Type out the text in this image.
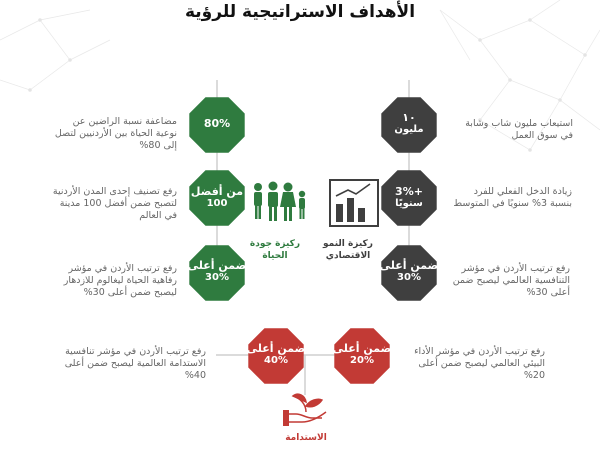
الأهداف الاستراتيجية للرؤية
١٠
مليون
+3%
سنويًا
ضمن أعلى
30%
80%
من أفضل
100
ضمن أعلى
30%
ضمن أعلى
20%
ضمن أعلى
40%
استيعاب مليون شاب وشابة في سوق العمل
زيادة الدخل الفعلي للفرد بنسبة 3% سنويًا في المتوسط
رفع ترتيب الأردن في مؤشر التنافسية العالمي ليصبح ضمن أعلى 30%
مضاعفة نسبة الراضين عن نوعية الحياة بين الأردنيين لتصل إلى 80%
رفع تصنيف إحدى المدن الأردنية لتصبح ضمن أفضل 100 مدينة في العالم
رفع ترتيب الأردن في مؤشر رفاهية الحياة ليغالوم للازدهار ليصبح ضمن أعلى 30%
رفع ترتيب الأردن في مؤشر الأداء البيئي العالمي ليصبح ضمن أعلى 20%
رفع ترتيب الأردن في مؤشر تنافسية الاستدامة العالمية ليصبح ضمن أعلى 40%
ركيزة النمو الاقتصادي
ركيزة جودة الحياة
الاستدامة
